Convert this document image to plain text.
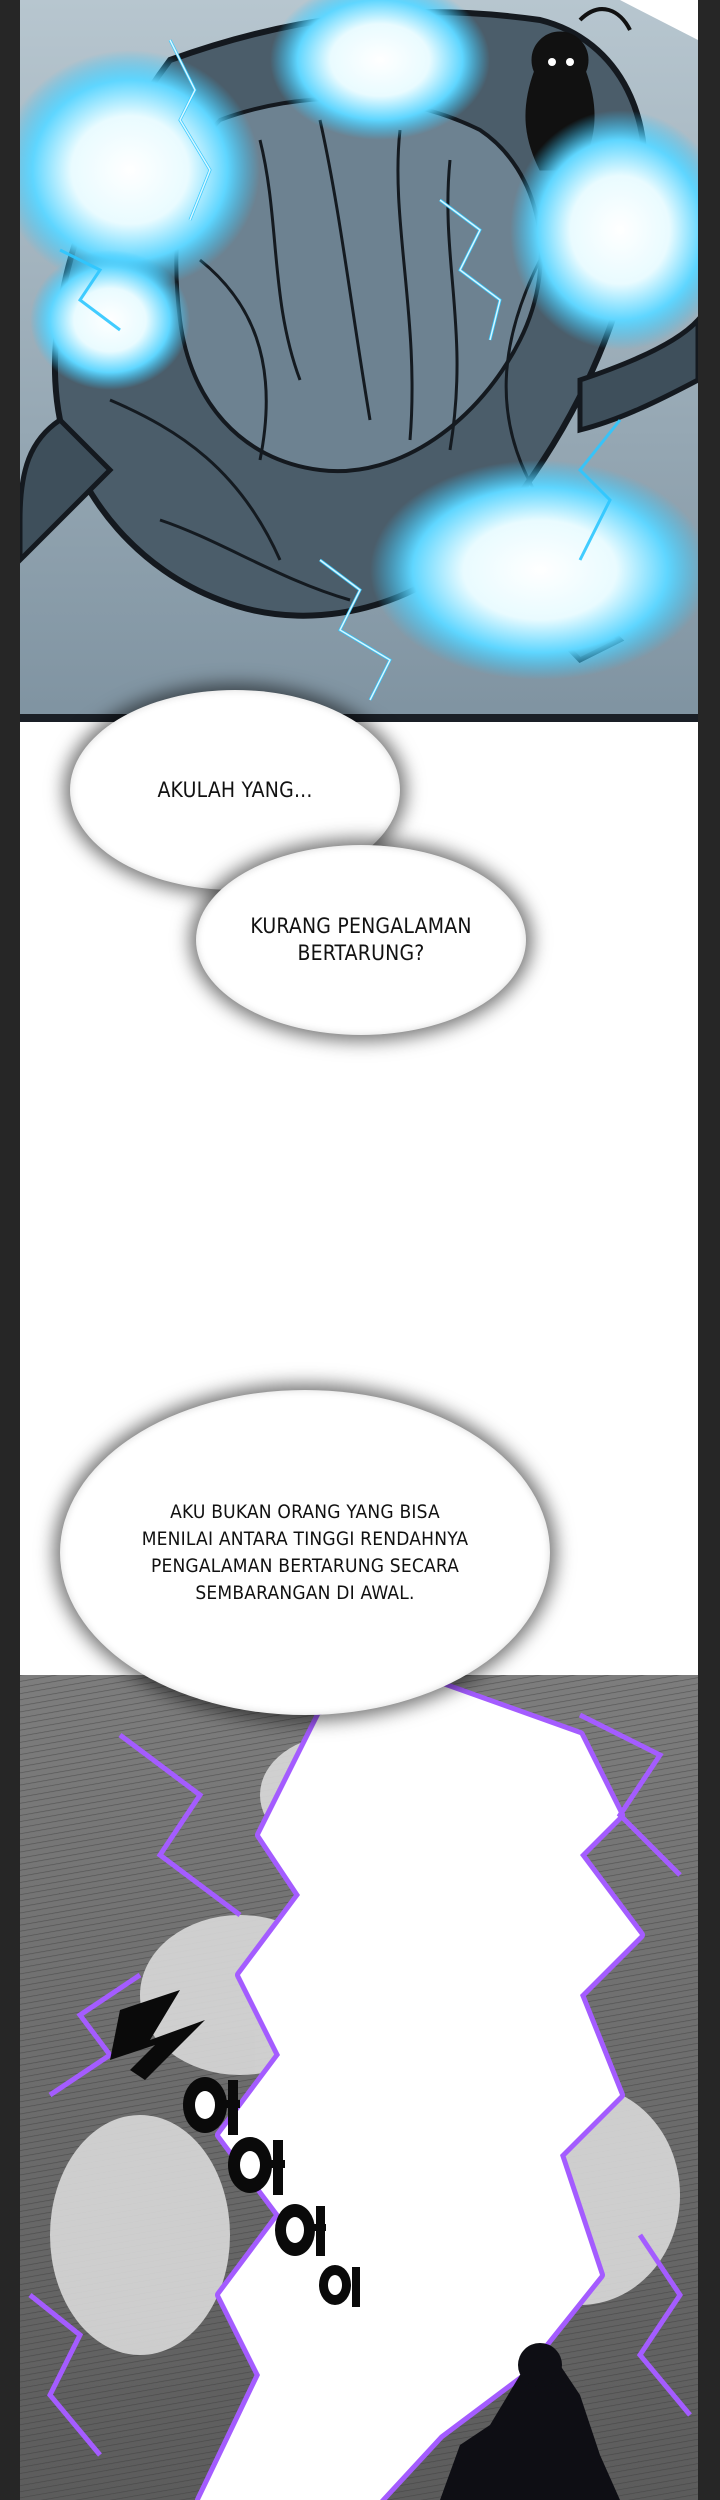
AKULAH YANG...
KURANG PENGALAMAN
BERTARUNG?
AKU BUKAN ORANG YANG BISA
MENILAI ANTARA TINGGI RENDAHNYA
PENGALAMAN BERTARUNG SECARA
SEMBARANGAN DI AWAL.
